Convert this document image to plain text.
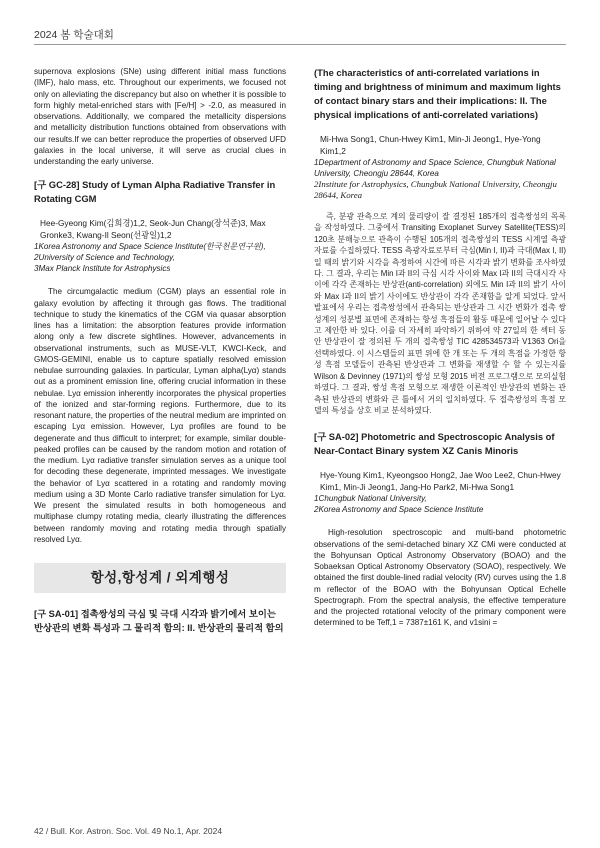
2024 봄 학술대회

supernova explosions (SNe) using different initial mass functions (IMF), halo mass, etc. Throughout our experiments, we focused not only on alleviating the discrepancy but also on whether it is possible to form highly metal-enriched stars with [Fe/H] > -2.0, as measured in observations. Additionally, we compared the metallicity dispersions and metallicity distribution functions obtained from observations with our results.If we can better reproduce the properties of observed UFD galaxies in the local universe, it will serve as crucial clues in understanding the early universe.

[구 GC-28] Study of Lyman Alpha Radiative Transfer in Rotating CGM

Hee-Gyeong Kim(김희경)1,2, Seok-Jun Chang(장석준)3, Max Gronke3, Kwang-Il Seon(선광일)1,2

1Korea Astronomy and Space Science Institute(한국천문연구원),

2University of Science and Technology,

3Max Planck Institute for Astrophysics

The circumgalactic medium (CGM) plays an essential role in galaxy evolution by affecting it through gas flows. The traditional technique to study the kinematics of the CGM via quasar absorption lines has a limitation: the absorption features provide information along only a few discrete sightlines. However, advancements in observational instruments, such as MUSE-VLT, KWCI-Keck, and GMOS-GEMINI, enable us to capture spatially resolved emission nebulae surrounding galaxies. In particular, Lyman alpha(Lyα) stands out as a prominent emission line, offering crucial information in these nebulae. Lyα emission inherently incorporates the physical properties of the ionized and star-forming regions. Furthermore, due to its resonant nature, the properties of the neutral medium are imprinted on escaping Lyα emission. However, Lyα profiles are found to be degenerate and thus difficult to interpret; for example, similar double-peaked profiles can be caused by the random motion and rotation of the medium. Lyα radiative transfer simulation serves as a unique tool for decoding these degenerate, imprinted messages. We investigate the behavior of Lyα scattered in a rotating and randomly moving medium using a 3D Monte Carlo radiative transfer simulation for Lyα. We present the simulated results in both homogeneous and multiphase clumpy rotating media, clearly illustrating the differences between randomly moving and rotating media through spatially resolved Lyα.

항성,항성계 / 외계행성

[구 SA-01] 접촉쌍성의 극심 및 극대 시각과 밝기에서 보이는 반상관의 변화 특성과 그 물리적 함의: II. 반상관의 물리적 함의

(The characteristics of anti-correlated variations in timing and brightness of minimum and maximum lights of contact binary stars and their implications: II. The physical implications of anti-correlated variations)

Mi-Hwa Song1, Chun-Hwey Kim1, Min-Ji Jeong1, Hye-Yong Kim1,2

1Department of Astronomy and Space Science, Chungbuk National University, Cheongju 28644, Korea

2Institute for Astrophysics, Chungbuk National University, Cheongju 28644, Korea

즉, 분광 관측으로 계의 물리량이 잘 결정된 185개의 접촉쌍성의 목록을 작성하였다. 그중에서 Transiting Exoplanet Survey Satellite(TESS)의 120초 분해능으로 관측이 수행된 105개의 접촉쌍성의 TESS 시계열 측광자료를 수집하였다. TESS 측광자료로부터 극심(Min I, II)과 극대(Max I, II)일 때의 밝기와 시각을 측정하여 시간에 따른 시각과 밝기 변화를 조사하였다. 그 결과, 우리는 Min I과 II의 극심 시각 사이와 Max I과 II의 극대시각 사이에 각각 존재하는 반상관(anti-correlation) 외에도 Min I과 II의 밝기 사이와 Max I과 II의 밝기 사이에도 반상관이 각각 존재함을 알게 되었다. 앞서 발표에서 우리는 접촉쌍성에서 관측되는 반상관과 그 시간 변화가 접촉 쌍성계의 성분별 표면에 존재하는 항성 흑점들의 활동 때문에 일어날 수 있다고 제안한 바 있다. 이를 더 자세히 파악하기 위하여 약 27일의 한 섹터 동안 반상관이 잘 정의된 두 개의 접촉쌍성 TIC 428534573과 V1363 Ori을 선택하였다. 이 시스템들의 표면 위에 한 개 또는 두 개의 흑점을 가정한 항성 흑점 모델들이 관측된 반상관과 그 변화를 재생할 수 할 수 있는지를 Wilson & Devinney (1971)의 쌍성 모형 2015 버전 프로그램으로 모의실험하였다. 그 결과, 쌍성 흑점 모형으로 재생한 이론적인 반상관의 변화는 관측된 반상관의 변화와 큰 틀에서 거의 일치하였다. 두 접촉쌍성의 흑점 모델의 특성을 상호 비교 분석하였다.

[구 SA-02] Photometric and Spectroscopic Analysis of Near-Contact Binary system XZ Canis Minoris

Hye-Young Kim1, Kyeongsoo Hong2, Jae Woo Lee2, Chun-Hwey Kim1, Min-Ji Jeong1, Jang-Ho Park2, Mi-Hwa Song1

1Chungbuk National University,

2Korea Astronomy and Space Science Institute

High-resolution spectroscopic and multi-band photometric observations of the semi-detached binary XZ CMi were conducted at the Bohyunsan Optical Astronomy Observatory (BOAO) and the Sobaeksan Optical Astronomy Observatory (SOAO), respectively. We obtained the first double-lined radial velocity (RV) curves using the 1.8 m reflector of the BOAO with the Bohyunsan Optical Echelle Spectrograph. From the spectral analysis, the effective temperature and the projected rotational velocity of the primary component were determined to be Teff,1 = 7387±161 K, and v1sini =

42 / Bull. Kor. Astron. Soc. Vol. 49 No.1, Apr. 2024
